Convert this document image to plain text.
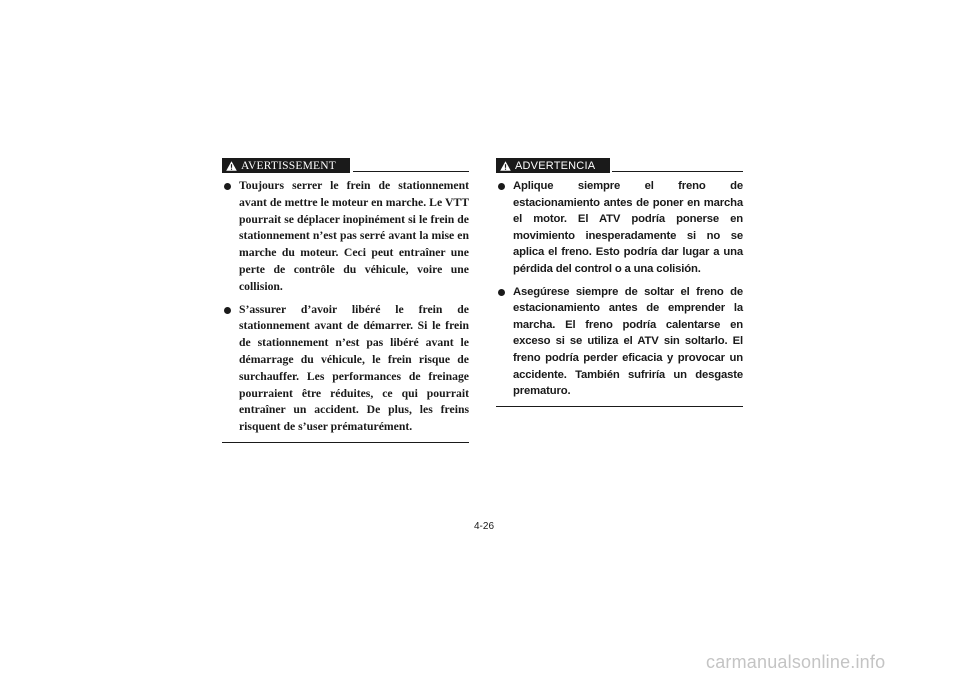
AVERTISSEMENT
Toujours serrer le frein de stationnement avant de mettre le moteur en marche. Le VTT pourrait se déplacer inopinément si le frein de stationnement n’est pas serré avant la mise en marche du moteur. Ceci peut entraîner une perte de contrôle du véhicule, voire une collision.
S’assurer d’avoir libéré le frein de stationnement avant de démarrer. Si le frein de stationnement n’est pas libéré avant le démarrage du véhicule, le frein risque de surchauffer. Les performances de freinage pourraient être réduites, ce qui pourrait entraîner un accident. De plus, les freins risquent de s’user prématurément.
ADVERTENCIA
Aplique siempre el freno de estacionamiento antes de poner en marcha el motor. El ATV podría ponerse en movimiento inesperadamente si no se aplica el freno. Esto podría dar lugar a una pérdida del control o a una colisión.
Asegúrese siempre de soltar el freno de estacionamiento antes de emprender la marcha. El freno podría calentarse en exceso si se utiliza el ATV sin soltarlo. El freno podría perder eficacia y provocar un accidente. También sufriría un desgaste prematuro.
4-26
carmanualsonline.info
